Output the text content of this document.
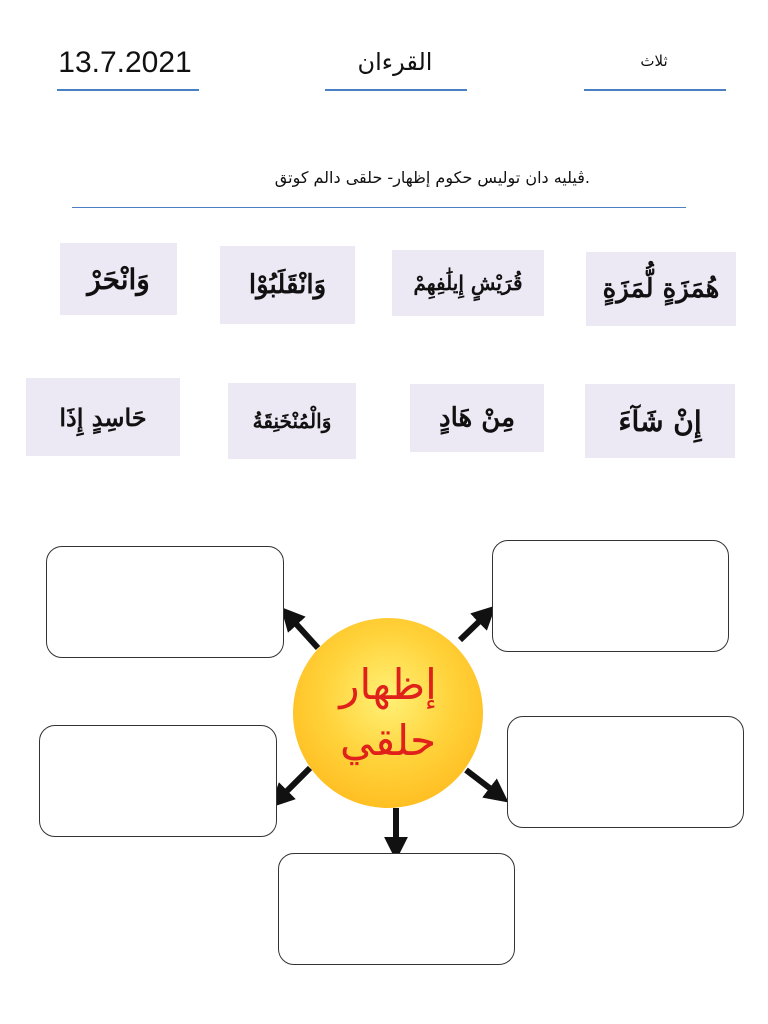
13.7.2021	القرءان	ثلاث
.ڤيليه دان توليس حكوم إظهار- حلقى دالم كوتق
هُمَزَةٍ لُّمَزَةٍ
قُرَيْشٍ إِيلَٰفِهِمْ
وَانْقَلَبُوْا
وَانْحَرْ
إِنْ شَآءَ
مِنْ هَادٍ
وَالْمُنْخَنِقَةُ
حَاسِدٍ إِذَا
إظهار
حلقي
